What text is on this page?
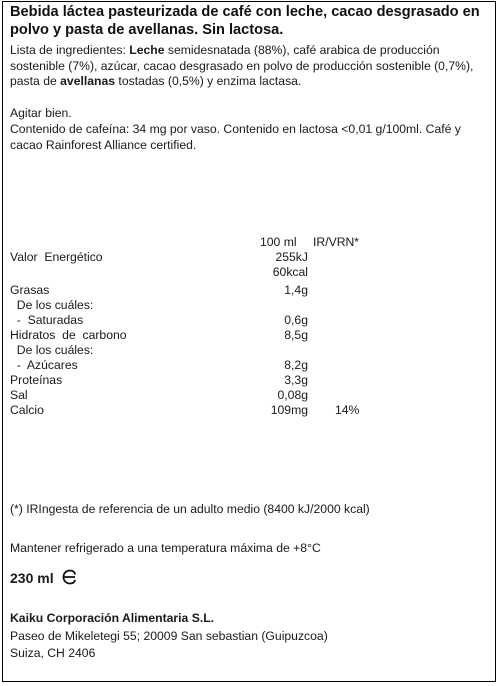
Bebida láctea pasteurizada de café con leche, cacao desgrasado en polvo y pasta de avellanas. Sin lactosa.
Lista de ingredientes: Leche semidesnatada (88%), café arabica de producción sostenible (7%), azúcar, cacao desgrasado en polvo de producción sostenible (0,7%), pasta de avellanas tostadas (0,5%) y enzima lactasa.
Agitar bien.
Contenido de cafeína: 34 mg por vaso. Contenido en lactosa <0,01 g/100ml. Café y cacao Rainforest Alliance certified.
100 ml IR/VRN*
Valor  Energético	255kJ
60kcal
Grasas	1,4g
De los cuáles:
-  Saturadas	0,6g
Hidratos  de  carbono	8,5g
De los cuáles:
-  Azúcares	8,2g
Proteínas	3,3g
Sal	0,08g
Calcio	109mg 14%
(*) IRIngesta de referencia de un adulto medio (8400 kJ/2000 kcal)
Mantener refrigerado a una temperatura máxima de +8°C
230 ml
Kaiku Corporación Alimentaria S.L.
Paseo de Mikeletegi 55; 20009 San sebastian (Guipuzcoa)
Suiza, CH 2406
